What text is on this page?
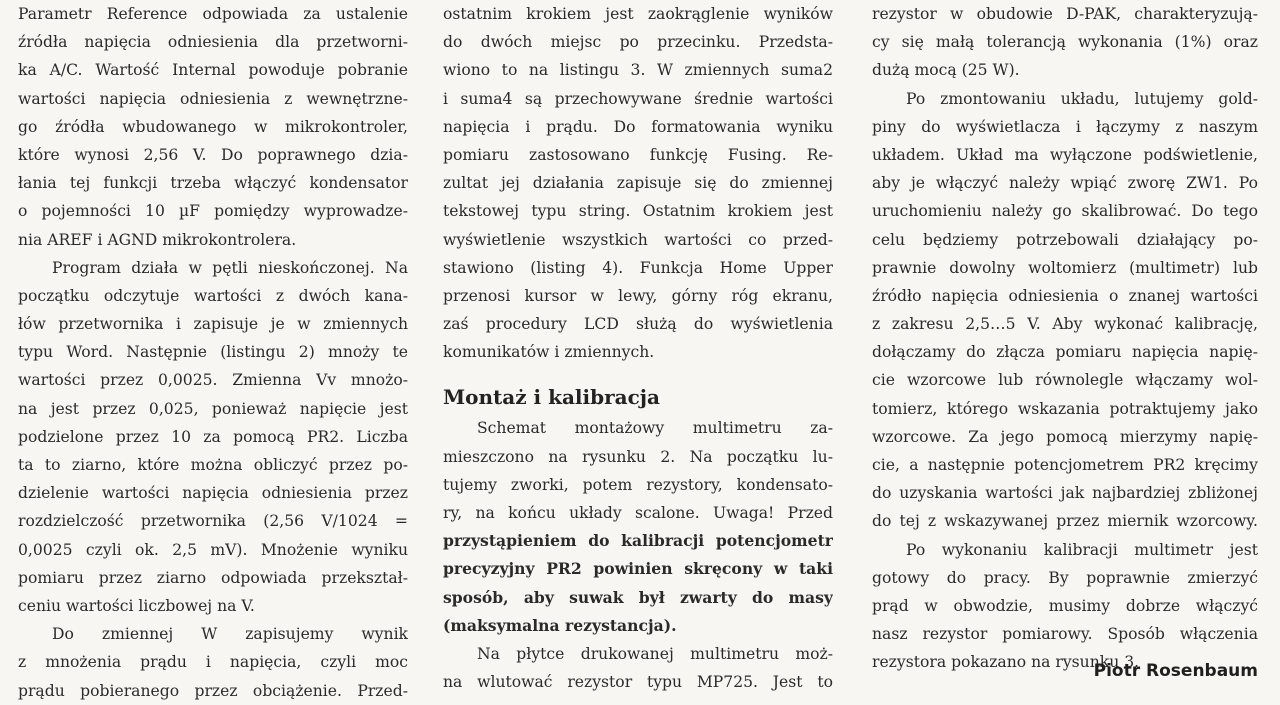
Parametr Reference odpowiada za ustalenie
źródła napięcia odniesienia dla przetworni-
ka A/C. Wartość Internal powoduje pobranie
wartości napięcia odniesienia z wewnętrzne-
go źródła wbudowanego w mikrokontroler,
które wynosi 2,56 V. Do poprawnego dzia-
łania tej funkcji trzeba włączyć kondensator
o pojemności 10 µF pomiędzy wyprowadze-
nia AREF i AGND mikrokontrolera.
Program działa w pętli nieskończonej. Na
początku odczytuje wartości z dwóch kana-
łów przetwornika i zapisuje je w zmiennych
typu Word. Następnie (listingu 2) mnoży te
wartości przez 0,0025. Zmienna Vv mnożo-
na jest przez 0,025, ponieważ napięcie jest
podzielone przez 10 za pomocą PR2. Liczba
ta to ziarno, które można obliczyć przez po-
dzielenie wartości napięcia odniesienia przez
rozdzielczość przetwornika (2,56 V/1024 =
0,0025 czyli ok. 2,5 mV). Mnożenie wyniku
pomiaru przez ziarno odpowiada przekształ-
ceniu wartości liczbowej na V.
Do zmiennej W zapisujemy wynik
z mnożenia prądu i napięcia, czyli moc
prądu pobieranego przez obciążenie. Przed-
ostatnim krokiem jest zaokrąglenie wyników
do dwóch miejsc po przecinku. Przedsta-
wiono to na listingu 3. W zmiennych suma2
i suma4 są przechowywane średnie wartości
napięcia i prądu. Do formatowania wyniku
pomiaru zastosowano funkcję Fusing. Re-
zultat jej działania zapisuje się do zmiennej
tekstowej typu string. Ostatnim krokiem jest
wyświetlenie wszystkich wartości co przed-
stawiono (listing 4). Funkcja Home Upper
przenosi kursor w lewy, górny róg ekranu,
zaś procedury LCD służą do wyświetlenia
komunikatów i zmiennych.
Montaż i kalibracja
Schemat montażowy multimetru za-
mieszczono na rysunku 2. Na początku lu-
tujemy zworki, potem rezystory, kondensato-
ry, na końcu układy scalone. Uwaga! Przed
przystąpieniem do kalibracji potencjometr
precyzyjny PR2 powinien skręcony w taki
sposób, aby suwak był zwarty do masy
(maksymalna rezystancja).
Na płytce drukowanej multimetru moż-
na wlutować rezystor typu MP725. Jest to
rezystor w obudowie D-PAK, charakteryzują-
cy się małą tolerancją wykonania (1%) oraz
dużą mocą (25 W).
Po zmontowaniu układu, lutujemy gold-
piny do wyświetlacza i łączymy z naszym
układem. Układ ma wyłączone podświetlenie,
aby je włączyć należy wpiąć zworę ZW1. Po
uruchomieniu należy go skalibrować. Do tego
celu będziemy potrzebowali działający po-
prawnie dowolny woltomierz (multimetr) lub
źródło napięcia odniesienia o znanej wartości
z zakresu 2,5…5 V. Aby wykonać kalibrację,
dołączamy do złącza pomiaru napięcia napię-
cie wzorcowe lub równolegle włączamy wol-
tomierz, którego wskazania potraktujemy jako
wzorcowe. Za jego pomocą mierzymy napię-
cie, a następnie potencjometrem PR2 kręcimy
do uzyskania wartości jak najbardziej zbliżonej
do tej z wskazywanej przez miernik wzorcowy.
Po wykonaniu kalibracji multimetr jest
gotowy do pracy. By poprawnie zmierzyć
prąd w obwodzie, musimy dobrze włączyć
nasz rezystor pomiarowy. Sposób włączenia
rezystora pokazano na rysunku 3.
Piotr Rosenbaum
